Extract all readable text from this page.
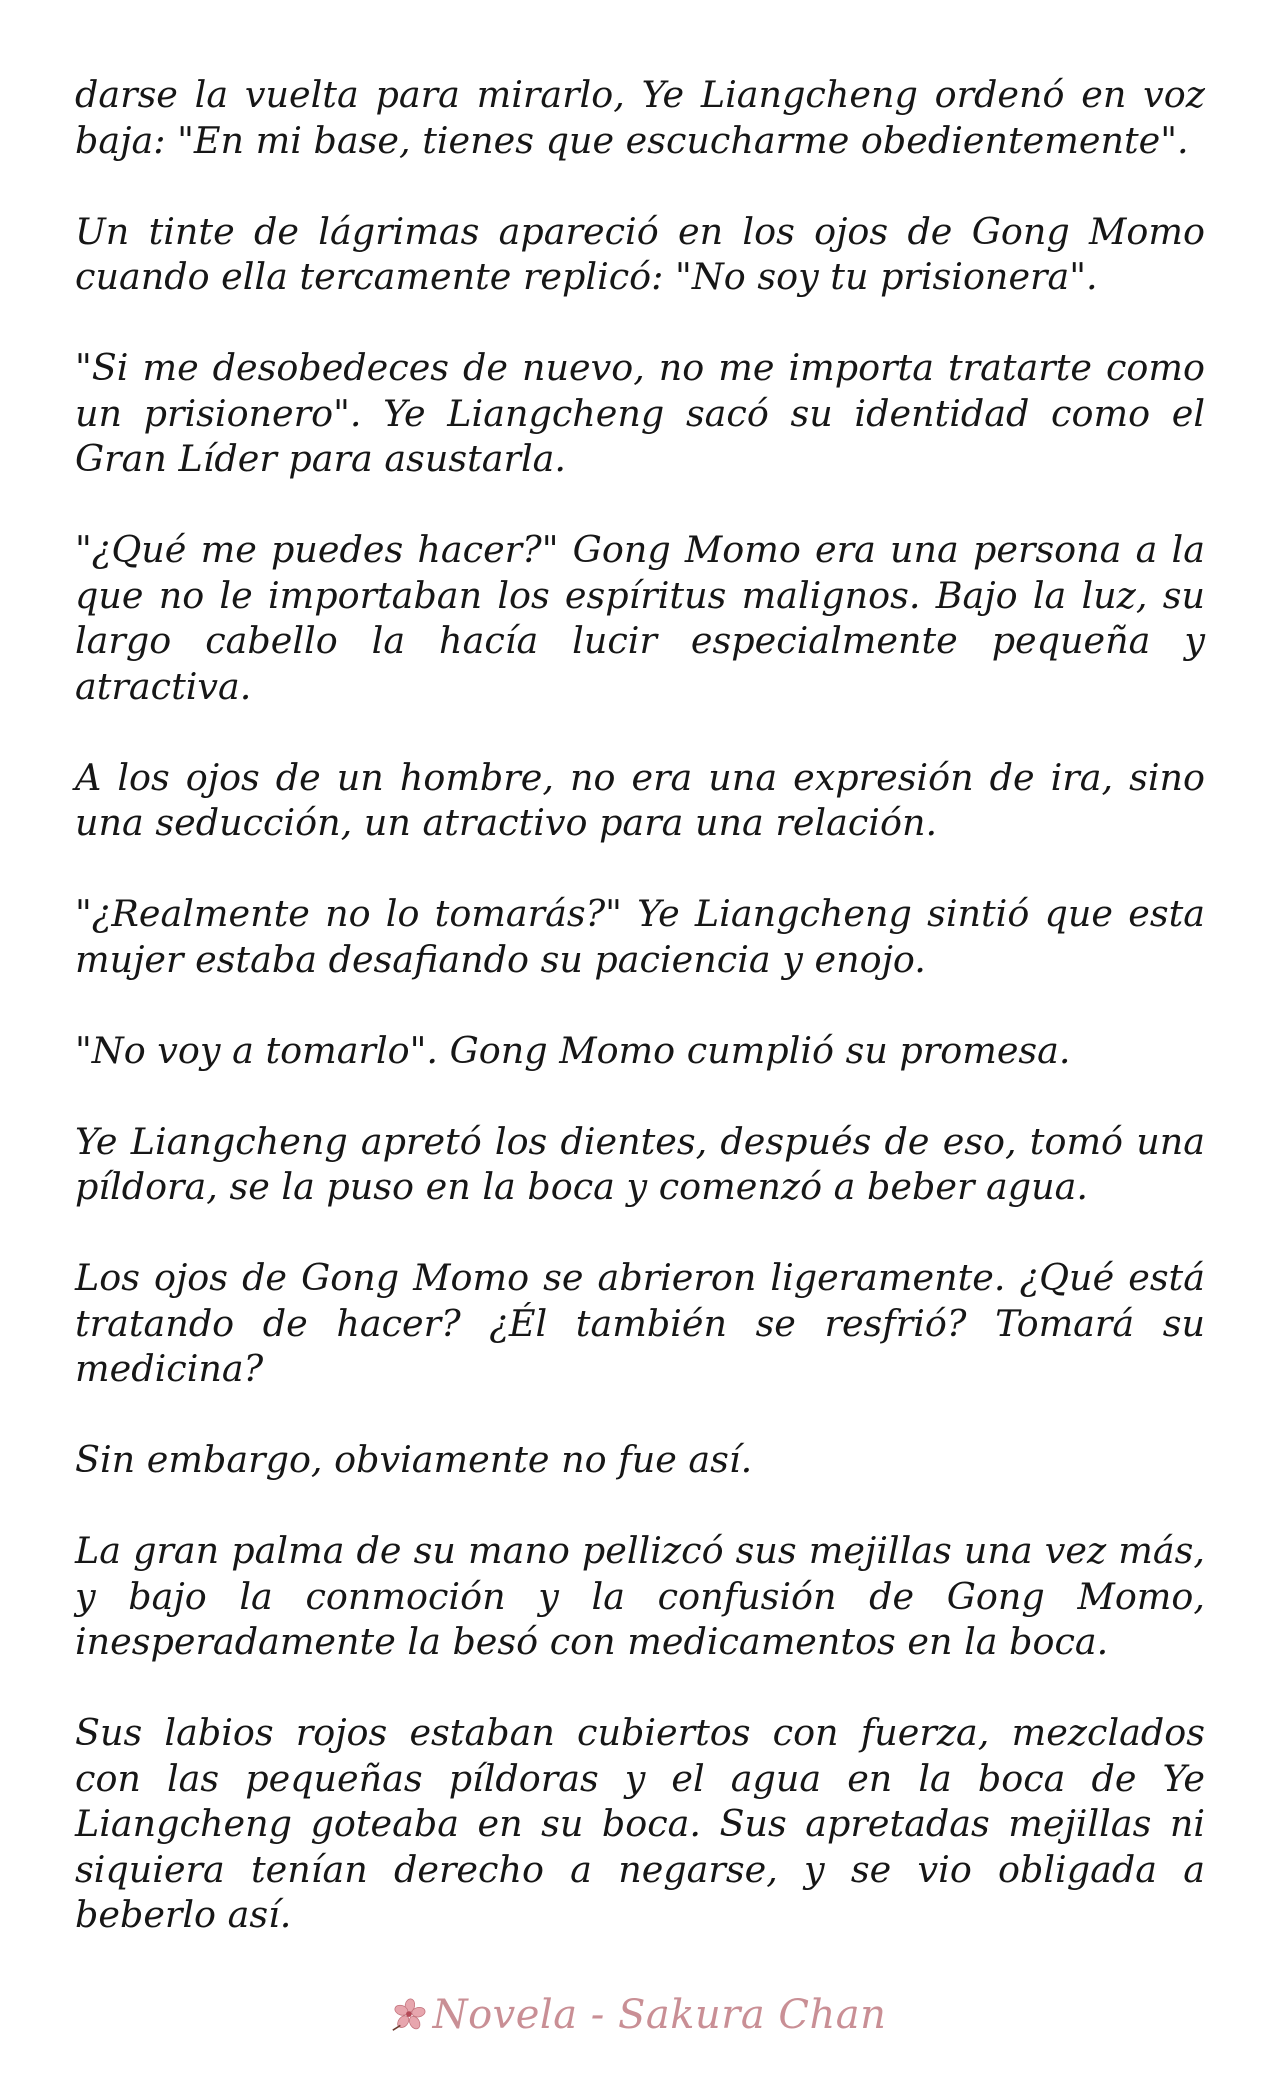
darse la vuelta para mirarlo, Ye Liangcheng ordenó en voz baja: "En mi base, tienes que escucharme obedientemente".

Un tinte de lágrimas apareció en los ojos de Gong Momo cuando ella tercamente replicó: "No soy tu prisionera".

"Si me desobedeces de nuevo, no me importa tratarte como un prisionero". Ye Liangcheng sacó su identidad como el Gran Líder para asustarla.

"¿Qué me puedes hacer?" Gong Momo era una persona a la que no le importaban los espíritus malignos. Bajo la luz, su largo cabello la hacía lucir especialmente pequeña y atractiva.

A los ojos de un hombre, no era una expresión de ira, sino una seducción, un atractivo para una relación.

"¿Realmente no lo tomarás?" Ye Liangcheng sintió que esta mujer estaba desafiando su paciencia y enojo.

"No voy a tomarlo". Gong Momo cumplió su promesa.

Ye Liangcheng apretó los dientes, después de eso, tomó una píldora, se la puso en la boca y comenzó a beber agua.

Los ojos de Gong Momo se abrieron ligeramente. ¿Qué está tratando de hacer? ¿Él también se resfrió? Tomará su medicina?

Sin embargo, obviamente no fue así.

La gran palma de su mano pellizcó sus mejillas una vez más, y bajo la conmoción y la confusión de Gong Momo, inesperadamente la besó con medicamentos en la boca.

Sus labios rojos estaban cubiertos con fuerza, mezclados con las pequeñas píldoras y el agua en la boca de Ye Liangcheng goteaba en su boca. Sus apretadas mejillas ni siquiera tenían derecho a negarse, y se vio obligada a beberlo así.

Novela - Sakura Chan
